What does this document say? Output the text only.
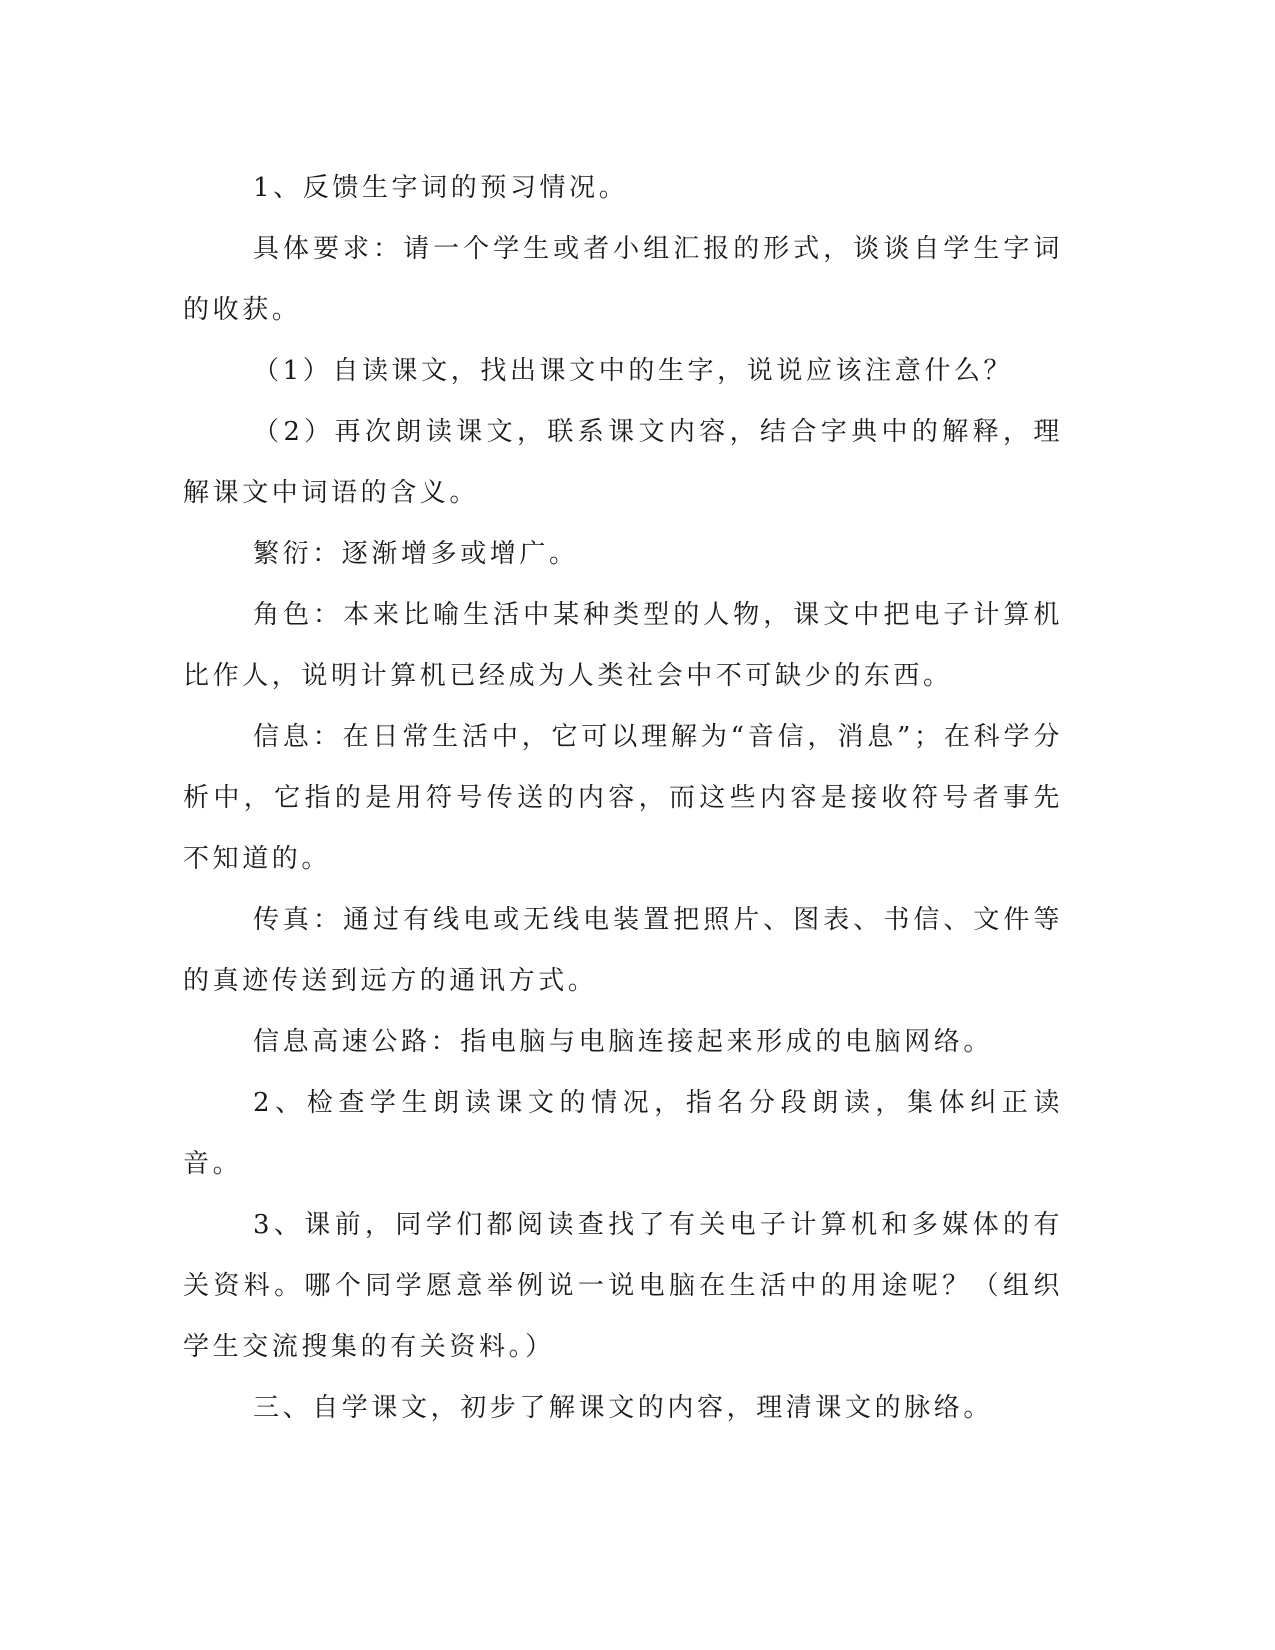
1、反馈生字词的预习情况。

具体要求：请一个学生或者小组汇报的形式，谈谈自学生字词的收获。

（1）自读课文，找出课文中的生字，说说应该注意什么？

（2）再次朗读课文，联系课文内容，结合字典中的解释，理解课文中词语的含义。

繁衍：逐渐增多或增广。

角色：本来比喻生活中某种类型的人物，课文中把电子计算机比作人，说明计算机已经成为人类社会中不可缺少的东西。

信息：在日常生活中，它可以理解为“音信，消息”；在科学分析中，它指的是用符号传送的内容，而这些内容是接收符号者事先不知道的。

传真：通过有线电或无线电装置把照片、图表、书信、文件等的真迹传送到远方的通讯方式。

信息高速公路：指电脑与电脑连接起来形成的电脑网络。

2、检查学生朗读课文的情况，指名分段朗读，集体纠正读音。

3、课前，同学们都阅读查找了有关电子计算机和多媒体的有关资料。哪个同学愿意举例说一说电脑在生活中的用途呢？（组织学生交流搜集的有关资料。）

三、自学课文，初步了解课文的内容，理清课文的脉络。
